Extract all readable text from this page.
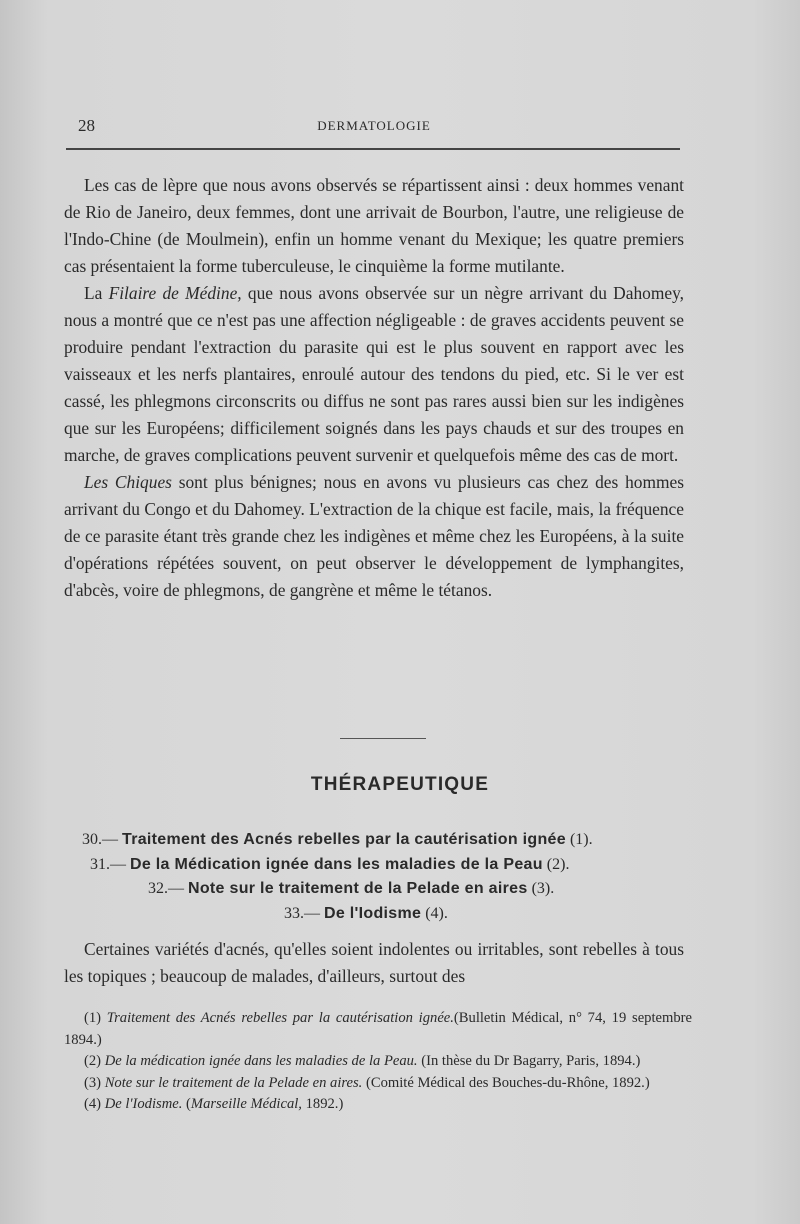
28	DERMATOLOGIE

Les cas de lèpre que nous avons observés se répartissent ainsi : deux hommes venant de Rio de Janeiro, deux femmes, dont une arrivait de Bourbon, l'autre, une religieuse de l'Indo-Chine (de Moulmein), enfin un homme venant du Mexique; les quatre premiers cas présentaient la forme tuberculeuse, le cinquième la forme mutilante.

La Filaire de Médine, que nous avons observée sur un nègre arrivant du Dahomey, nous a montré que ce n'est pas une affection négligeable : de graves accidents peuvent se produire pendant l'extraction du parasite qui est le plus souvent en rapport avec les vaisseaux et les nerfs plantaires, enroulé autour des tendons du pied, etc. Si le ver est cassé, les phlegmons circonscrits ou diffus ne sont pas rares aussi bien sur les indigènes que sur les Européens; difficilement soignés dans les pays chauds et sur des troupes en marche, de graves complications peuvent survenir et quelquefois même des cas de mort.

Les Chiques sont plus bénignes; nous en avons vu plusieurs cas chez des hommes arrivant du Congo et du Dahomey. L'extraction de la chique est facile, mais, la fréquence de ce parasite étant très grande chez les indigènes et même chez les Européens, à la suite d'opérations répétées souvent, on peut observer le développement de lymphangites, d'abcès, voire de phlegmons, de gangrène et même le tétanos.

THÉRAPEUTIQUE
30.— Traitement des Acnés rebelles par la cautérisation ignée (1).
31.— De la Médication ignée dans les maladies de la Peau (2).
32.— Note sur le traitement de la Pelade en aires (3).
33.— De l'Iodisme (4).

Certaines variétés d'acnés, qu'elles soient indolentes ou irritables, sont rebelles à tous les topiques ; beaucoup de malades, d'ailleurs, surtout des

(1) Traitement des Acnés rebelles par la cautérisation ignée.(Bulletin Médical, n° 74, 19 septembre 1894.)

(2) De la médication ignée dans les maladies de la Peau. (In thèse du Dr Bagarry, Paris, 1894.)

(3) Note sur le traitement de la Pelade en aires. (Comité Médical des Bouches-du-Rhône, 1892.)

(4) De l'Iodisme. (Marseille Médical, 1892.)
